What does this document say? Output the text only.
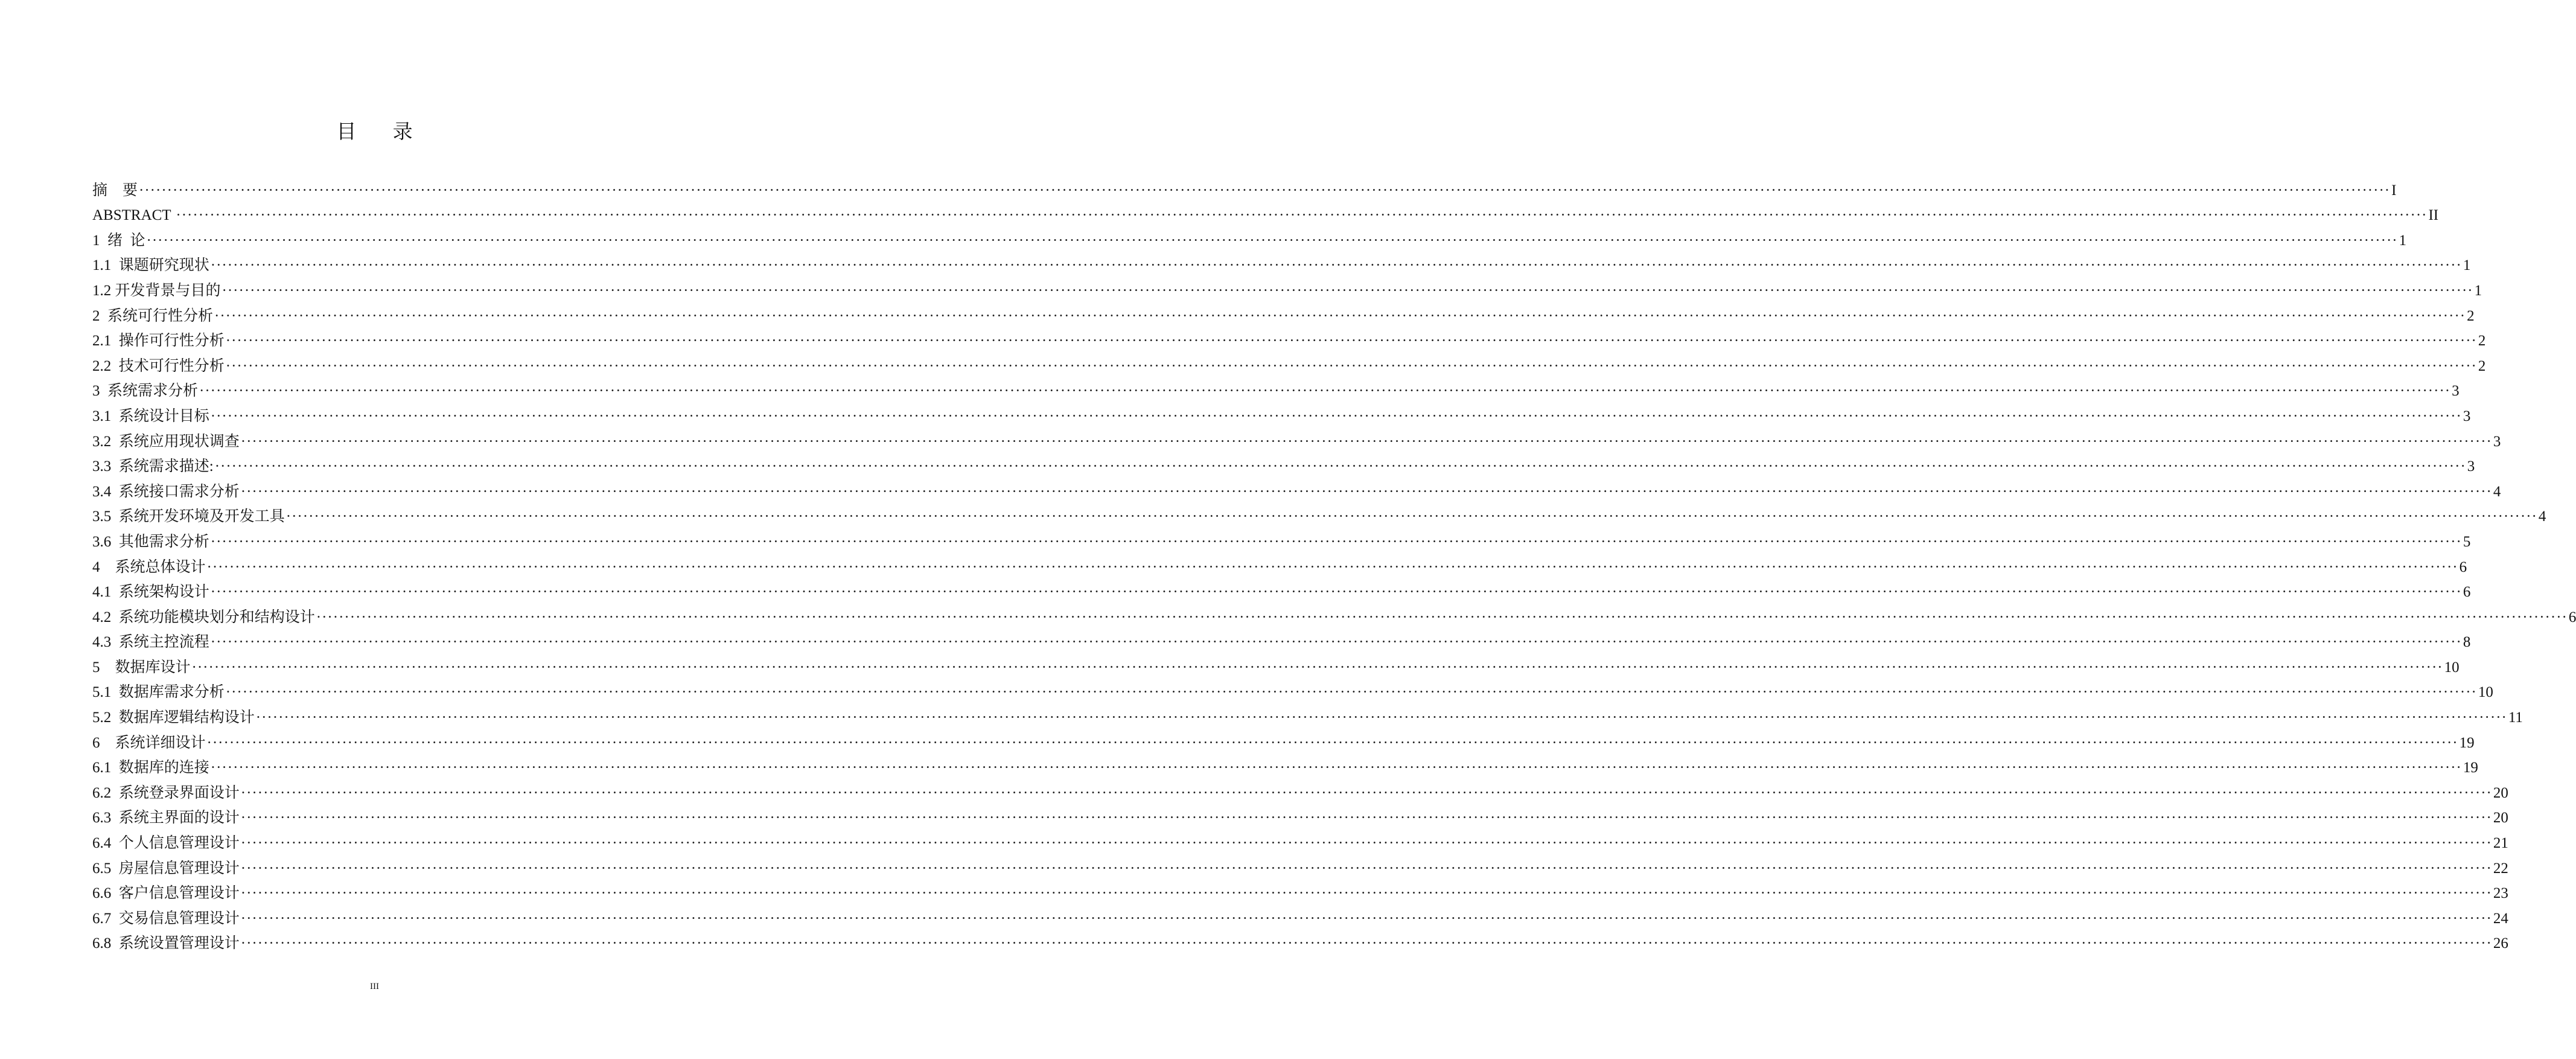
目 录
摘    要 ················································································································································································································································································································································································································ I
ABSTRACT ················································································································································································································································································································································································································ II
1  绪  论 ················································································································································································································································································································································································································ 1
1.1  课题研究现状 ················································································································································································································································································································································································································ 1
1.2 开发背景与目的 ················································································································································································································································································································································································································ 1
2  系统可行性分析 ················································································································································································································································································································································································································ 2
2.1  操作可行性分析 ················································································································································································································································································································································································································ 2
2.2  技术可行性分析 ················································································································································································································································································································································································································ 2
3  系统需求分析 ················································································································································································································································································································································································································ 3
3.1  系统设计目标 ················································································································································································································································································································································································································ 3
3.2  系统应用现状调查 ················································································································································································································································································································································································································ 3
3.3  系统需求描述: ················································································································································································································································································································································································································ 3
3.4  系统接口需求分析 ················································································································································································································································································································································································································ 4
3.5  系统开发环境及开发工具 ················································································································································································································································································································································································································ 4
3.6  其他需求分析 ················································································································································································································································································································································································································ 5
4    系统总体设计 ················································································································································································································································································································································································································ 6
4.1  系统架构设计 ················································································································································································································································································································································································································ 6
4.2  系统功能模块划分和结构设计 ················································································································································································································································································································································································································ 6
4.3  系统主控流程 ················································································································································································································································································································································································································ 8
5    数据库设计 ················································································································································································································································································································································································································ 10
5.1  数据库需求分析 ················································································································································································································································································································································································································ 10
5.2  数据库逻辑结构设计 ················································································································································································································································································································································································································ 11
6    系统详细设计 ················································································································································································································································································································································································································ 19
6.1  数据库的连接 ················································································································································································································································································································································································································ 19
6.2  系统登录界面设计 ················································································································································································································································································································································································································ 20
6.3  系统主界面的设计 ················································································································································································································································································································································································································ 20
6.4  个人信息管理设计 ················································································································································································································································································································································································································ 21
6.5  房屋信息管理设计 ················································································································································································································································································································································································································ 22
6.6  客户信息管理设计 ················································································································································································································································································································································································································ 23
6.7  交易信息管理设计 ················································································································································································································································································································································································································ 24
6.8  系统设置管理设计 ················································································································································································································································································································································································································ 26
III
